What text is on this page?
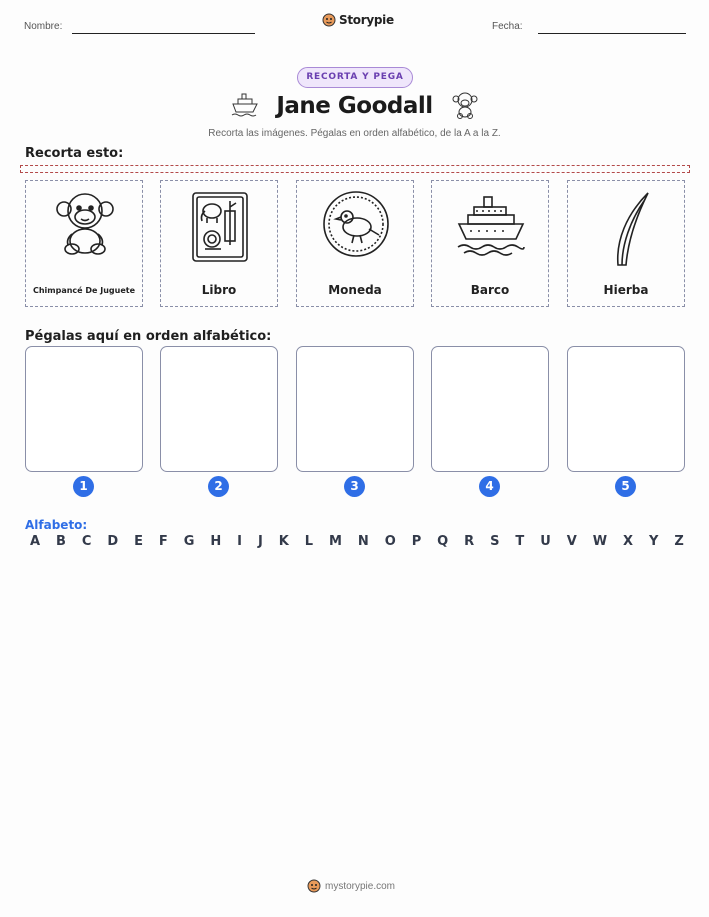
Nombre:	Storypie	Fecha:
RECORTA Y PEGA
Jane Goodall
Recorta las imágenes. Pégalas en orden alfabético, de la A a la Z.
Recorta esto:
Chimpancé De Juguete	Libro	Moneda	Barco	Hierba
Pégalas aquí en orden alfabético:
1	2	3	4	5
Alfabeto:
A B C D E F G H I J K L M N O P Q R S T U V W X Y Z
mystorypie.com
